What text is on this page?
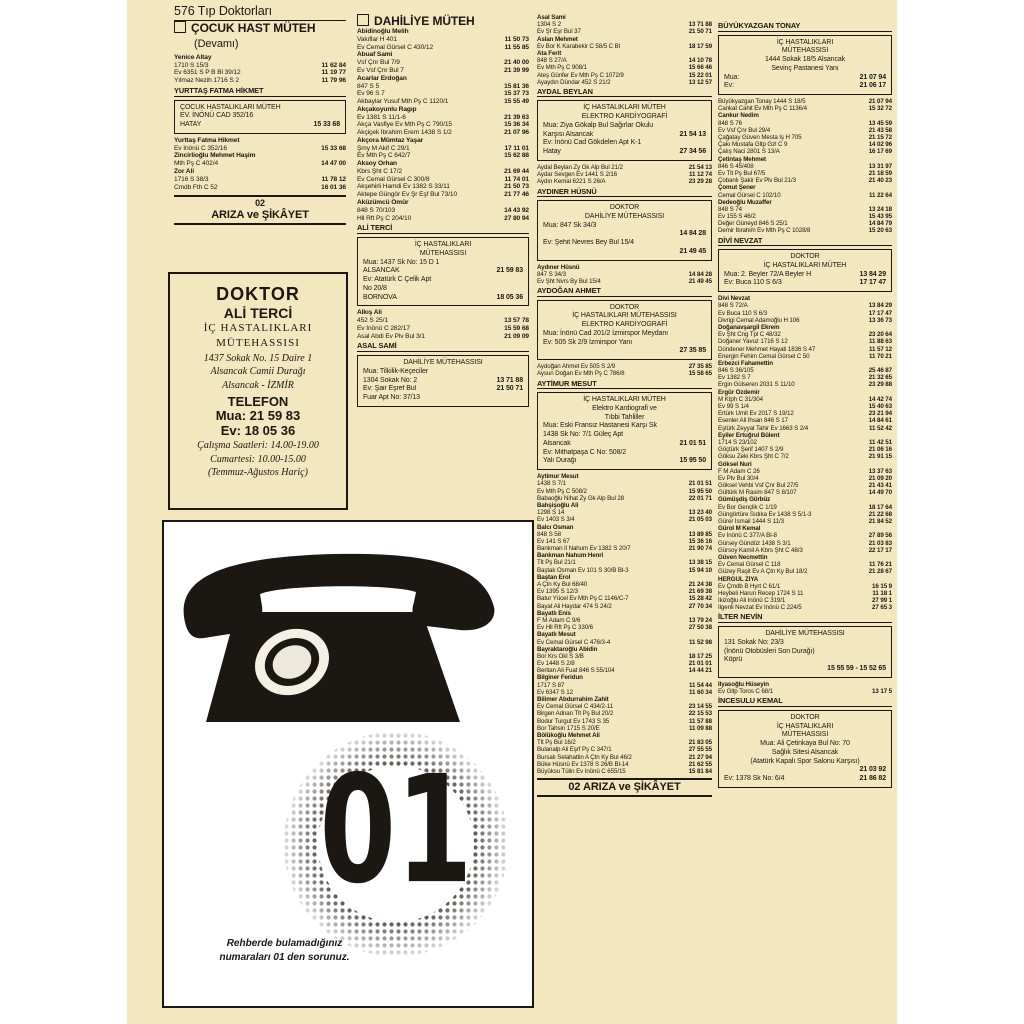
576 Tıp Doktorları
ÇOCUK HAST MÜTEH
(Devamı)
Yenice Altay
1710 S 15/3	11 62 84
Ev 6351 S P B Bl 39/12	11 19 77
Yılmaz Nezih 1716 S 2	11 79 96
YURTTAŞ FATMA HİKMET
ÇOCUK HASTALIKLARI MÜTEH
EV. İNÖNÜ CAD 352/16
HATAY	15 33 68
Yurttaş Fatma Hikmet
Ev İnönü C 352/16	15 33 68
Zincirlioğlu Mehmet Haşim
Mth Pş C 402/4	14 47 00
Zor Ali
1716 S 38/3	11 78 12
Cmdb Fth C 52	16 01 36
02
ARIZA ve ŞİKÂYET
DAHİLİYE MÜTEH
Abidinoğlu Melih
Vakıflar H 401	11 50 73
Ev Cemal Gürsel C 430/12	11 55 85
Abuaf Sami
Vsf Çnr Bul 7/9	21 40 00
Ev Vsf Çnr Bul 7	21 39 99
Acarlar Erdoğan
847 S 5	15 81 36
Ev 96 S 7	15 37 73
Akbaylar Yusuf Mth Pş C 1120/1	15 55 49
Akçakoyunlu Ragıp
Ev 1381 S 11/1-6	21 39 63
Akça Vasfiye Ev Mth Pş C 790/15	15 36 34
Akçiçek İbrahim Erem 1438 S 1/2	21 07 96
Akçora Mümtaz Yaşar
Şmy M Akif C 29/1	17 11 01
Ev Mth Pş C 642/7	15 62 88
Aksoy Orhan
Kbrs Şht C 17/2	21 69 44
Ev Cemal Gürsel C 300/8	11 74 01
Akşehirli Hamdi Ev 1382 S 33/11	21 50 73
Aktepe Güngör Ev Şr Eşf Bul 73/10	21 77 46
Aküzümcü Ömür
848 S 70/103	14 43 92
Hll Rft Pş C 204/10	27 80 94
ALİ TERCİ
İÇ HASTALIKLARI
MÜTEHASSISI
Mua: 1437 Sk No: 15 D 1
ALSANCAK	21 59 83
Ev: Atatürk C Çelik Apt
No 20/8
BORNOVA	18 05 36
Alkış Ali
452 S 25/1	13 57 78
Ev İnönü C 282/17	15 59 68
Asal Abdi Ev Plv Bul 3/1	21 09 09
ASAL SAMİ
DAHİLİYE MÜTEHASSISI
Mua: Tilkilik-Keçeciler
1304 Sokak No: 2	13 71 88
Ev: Şair Eşref Bul	21 50 71
Fuar Apt No: 37/13
Asal Sami
1304 S 2	13 71 88
Ev Şr Eşr Bul 37	21 50 71
Aslan Mehmet
Ev Bor K Karabekir C 58/5 C Bl	18 17 59
Ata Ferit
848 S 27/A	14 10 78
Ev Mth Pş C 908/1	15 66 46
Ateş Günfer Ev Mth Pş C 1072/9	15 22 01
Ayaydın Dündar 452 S 21/2	13 12 57
AYDAL BEYLAN
İÇ HASTALIKLARI MÜTEH
ELEKTRO KARDİYOGRAFİ
Mua: Ziya Gökalp Bul Sağırlar Okulu
Karşısı Alsancak	21 54 13
Ev: İnönü Cad Gökdelen Apt K-1
Hatay	27 34 56
Aydal Beylan Zy Gk Alp Bul 21/2	21 54 13
Aydar Sevgen Ev 1441 S 2/16	11 12 74
Aydın Kemal 6221 S 26/A	23 29 28
AYDINER HÜSNÜ
DOKTOR
DAHİLİYE MÜTEHASSISI
Mua: 847 Sk 34/3
14 84 28
Ev: Şehit Nevres Bey Bul 15/4
21 49 45
Aydıner Hüsnü
847 S 34/3	14 84 28
Ev Şht Nvrs By Bul 15/4	21 49 45
AYDOĞAN AHMET
DOKTOR
İÇ HASTALIKLARI MÜTEHASSISI
ELEKTRO KARDİYOGRAFİ
Mua: İnönü Cad 201/2 İzmirspor Meydanı
Ev: 505 Sk 2/9 İzmirspor Yanı
27 35 85
Aydoğan Ahmet Ev 505 S 2/9	27 35 85
Aysun Doğan Ev Mth Pş C 786/8	15 58 65
AYTİMUR MESUT
İÇ HASTALIKLARI MÜTEH
Elektro Kardiografi ve
Tıbbi Tahliller
Mua: Eski Fransız Hastanesi Karşı Sk
1438 Sk No: 7/1 Güleç Apt
Alsancak	21 01 51
Ev: Mithatpaşa C No: 508/2
Yalı Durağı	15 95 50
Aytimur Mesut
1438 S 7/1	21 01 51
Ev Mth Pş C 508/2	15 95 50
Babaoğlu Nihat Zy Gk Alp Bul 28	22 01 71
Bahşişoğlu Ali
1298 S 14	13 23 40
Ev 1403 S 3/4	21 05 03
Balcı Osman
848 S 58	13 89 85
Ev 141 S 67	15 36 16
Bankman İl Nahum Ev 1382 S 20/7	21 90 74
Bankman Nahum Henri
Tlt Pş Bul 21/1	13 38 15
Baştak Osman Ev 101 S 30/B Bl-3	15 94 10
Baştan Erol
A Çtn Ky Bul 68/40	21 24 38
Ev 1395 S 12/3	21 69 38
Batur Yücel Ev Mth Pş C 1146/C-7	15 28 42
Bayat Ali Haydar 474 S 24/2	27 70 34
Bayatlı Enis
F M Adam C 9/6	13 79 24
Ev Hll Rft Pş C 330/6	27 50 38
Bayatlı Mesut
Ev Cemal Gürsel C 476/3-4	11 52 98
Bayraktaroğlu Abidin
Bor Krs Okl S 3/B	18 17 25
Ev 1448 S 2/8	21 01 01
Beritan Ali Fuat 846 S 55/104	14 44 21
Bilginer Feridun
1717 S 87	11 54 44
Ev 6347 S 12	11 60 34
Bilimer Abdurrahim Zahit
Ev Cemal Gürsel C 434/2-11	23 14 55
Birgen Adnan Tlt Pş Bul 20/2	22 15 53
Bodur Turgut Ev 1743 S 35	11 57 88
Bor Tahsin 1715 S 20/E	11 09 88
Bölükoğlu Mehmet Ali
Tlt Pş Bul 16/2	21 83 05
Bulanalp Ali Eşrf Pş C 347/1	27 55 55
Bursalı Selahattin A Çtn Ky Bul 46/2	21 27 94
Büke Hüsnü Ev 1378 S 26/B Bl-14	21 62 55
Büyüksu Tülin Ev İnönü C 655/15	15 81 84
02 ARIZA ve ŞİKÂYET
BÜYÜKYAZGAN TONAY
İÇ HASTALIKLARI
MÜTEHASSISI
1444 Sokak 18/5 Alsancak
Sevinç Pastanesi Yanı
Mua:	21 07 94
Ev:	21 06 17
Büyükyazgan Tonay 1444 S 18/5	21 07 94
Cankat Cahit Ev Mth Pş C 1136/4	15 32 72
Cankur Nedim
848 S 76	13 45 59
Ev Vsf Çnr Bul 29/4	21 43 58
Çağatay Güven Mesta İş H 705	21 15 72
Çakı Mustafa Gltp Gzl C 9	14 02 96
Çalış Naci 2801 S 13/A	16 17 69
Çetintaş Mehmet
846 S 45/408	13 31 97
Ev Tlt Pş Bul 67/5	21 18 59
Çobanlı Şakir Ev Plv Bul 21/3	21 40 23
Çomut Şener
Cemal Gürsel C 102/10	11 22 64
Dedeoğlu Muzaffer
848 S 74	13 24 18
Ev 155 S 46/2	15 43 95
Değer Güneyd 846 S 25/1	14 84 79
Demir İbrahim Ev Mth Pş C 1028/8	15 20 63
DİVİ NEVZAT
DOKTOR
İÇ HASTALIKLARI MÜTEH
Mua: 2. Beyler 72/A Beyler H	13 84 29
Ev: Buca 110 S 6/3	17 17 47
Divi Nevzat
848 S 72/A	13 84 29
Ev Buca 110 S 6/3	17 17 47
Divrigi Cemal Adamoğlu H 106	13 36 73
Doğanavşargil Ekrem
Ev Şht Cng Tpl C 48/32	23 20 64
Doğaner Yavuz 1716 S 12	11 88 63
Dündener Mehmet Hayati 1836 S 47	11 57 12
Energin Fehim Cemal Gürsel C 50	11 70 21
Erbezci Fahamettin
846 S 36/105	25 46 87
Ev 1382 S 7	21 32 65
Ergin Gülseren 2031 S 11/10	23 29 88
Ergür Özdemir
M Ktph C 31/304	14 42 74
Ev 99 S 1/4	15 40 63
Ertürk Ümit Ev 2017 S 19/12	23 21 94
Esenler Ali İhsan 846 S 17	14 84 61
Eştürk Zeyyat Tahir Ev 1663 S 2/4	11 52 42
Eyiler Ertuğrul Bülent
1714 S 23/102	11 42 51
Göçtürk Şerif 1407 S 2/9	21 06 16
Göksu Zeki Kbrs Şht C 7/2	21 91 15
Göksel Nuri
F M Adam C 26	13 37 63
Ev Plv Bul 30/4	21 09 20
Göksel Vehbi Vsf Çnr Bul 27/5	21 43 41
Gültürk M Rasim 847 S 8/107	14 49 70
Gümüşdiş Gürbüz
Ev Bor Gençlik C 1/19	18 17 64
Güngörtüre Sıdıka Ev 1438 S 5/1-3	21 22 68
Gürer İsmail 1444 S 11/3	21 84 52
Gürol M Kemal
Ev İnönü C 377/A Bl-8	27 89 56
Gürsey Gündüz 1438 S 3/1	21 03 83
Gürsoy Kamil A Kbrs Şht C 48/3	22 17 17
Güven Necmettin
Ev Cemal Gürsel C 118	11 76 21
Güzey Raşit Ev A Çtn Ky Bul 18/2	21 28 67
HERGÜL ZİYA
Ev Çmdb B Hyrt C 61/1	16 15 9
Heybeli Harun Recep 1724 S 11	11 18 1
İkizoğlu Ali İnönü C 319/1	27 99 1
İlgenli Nevzat Ev İnönü C 224/5	27 65 3
İLTER NEVİN
DAHİLİYE MÜTEHASSISI
131 Sokak No: 23/3
(İnönü Otobüsleri Son Durağı)
Köprü
15 55 59 - 15 52 65
İlyasoğlu Hüseyin
Ev Gltp Toros C 68/1	13 17 5
İNCESULU KEMAL
DOKTOR
İÇ HASTALIKLARI
MÜTEHASSISI
Mua: Ali Çetinkaya Bul No: 70
Sağlık Sitesi Alsancak
(Atatürk Kapalı Spor Salonu Karşısı)
21 03 92
Ev: 1378 Sk No: 6/4	21 86 82
DOKTOR
ALİ TERCİ
İÇ HASTALIKLARI
MÜTEHASSISI
1437 Sokak No. 15 Daire 1
Alsancak Camii Durağı
Alsancak - İZMİR
TELEFON
Mua: 21 59 83
Ev: 18 05 36
Çalışma Saatleri: 14.00-19.00
Cumartesi: 10.00-15.00
(Temmuz-Ağustos Hariç)
01
Rehberde bulamadığınız
numaraları 01 den sorunuz.
